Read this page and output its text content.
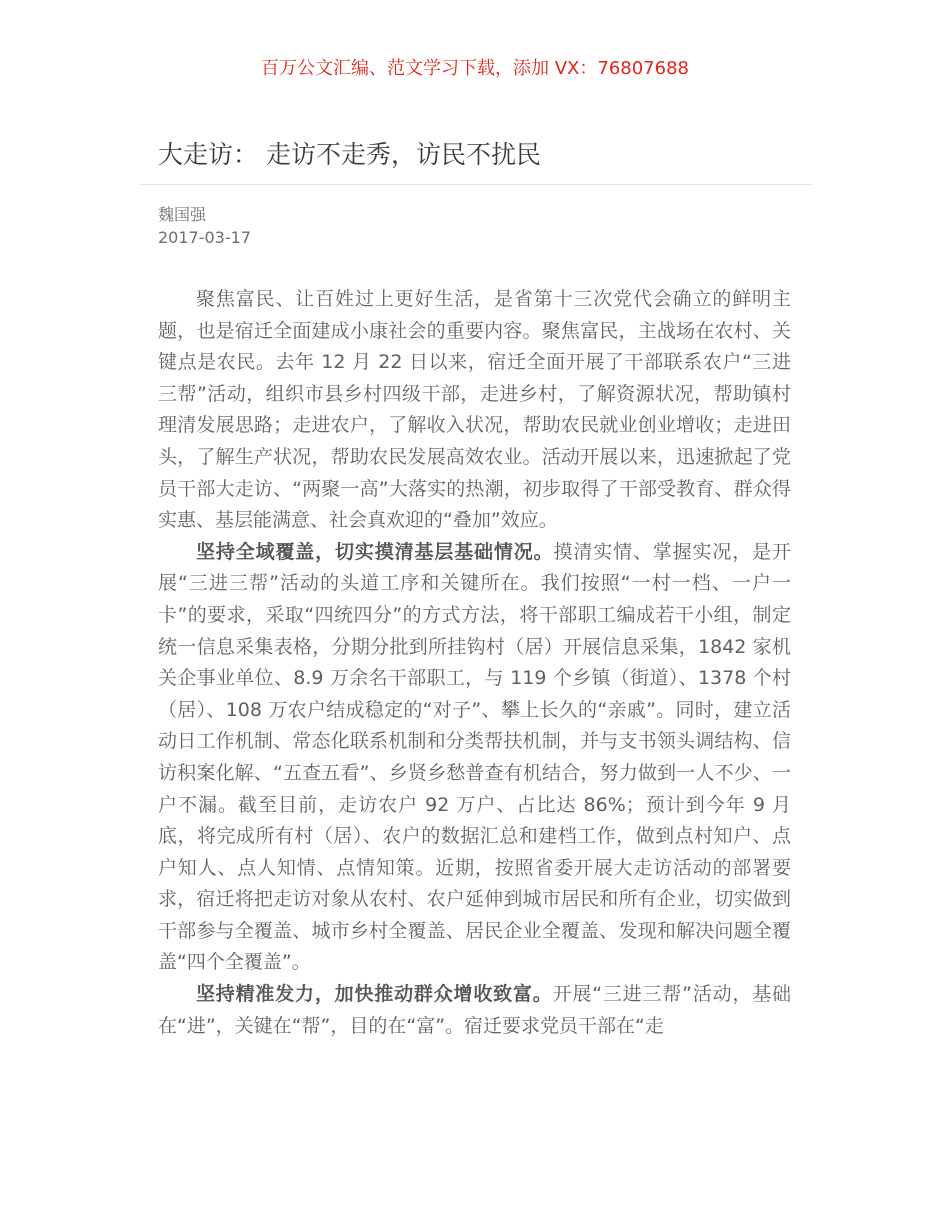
百万公文汇编、范文学习下载，添加 VX：76807688
大走访： 走访不走秀，访民不扰民
魏国强
2017-03-17

聚焦富民、让百姓过上更好生活，是省第十三次党代会确立的鲜明主题，也是宿迁全面建成小康社会的重要内容。聚焦富民，主战场在农村、关键点是农民。去年 12 月 22 日以来，宿迁全面开展了干部联系农户“三进三帮”活动，组织市县乡村四级干部，走进乡村，了解资源状况，帮助镇村理清发展思路；走进农户，了解收入状况，帮助农民就业创业增收；走进田头，了解生产状况，帮助农民发展高效农业。活动开展以来，迅速掀起了党员干部大走访、“两聚一高”大落实的热潮，初步取得了干部受教育、群众得实惠、基层能满意、社会真欢迎的“叠加”效应。

坚持全域覆盖，切实摸清基层基础情况。摸清实情、掌握实况，是开展“三进三帮”活动的头道工序和关键所在。我们按照“一村一档、一户一卡”的要求，采取“四统四分”的方式方法，将干部职工编成若干小组，制定统一信息采集表格，分期分批到所挂钩村（居）开展信息采集，1842 家机关企事业单位、8.9 万余名干部职工，与 119 个乡镇（街道）、1378 个村（居）、108 万农户结成稳定的“对子”、攀上长久的“亲戚”。同时，建立活动日工作机制、常态化联系机制和分类帮扶机制，并与支书领头调结构、信访积案化解、“五查五看”、乡贤乡愁普查有机结合，努力做到一人不少、一户不漏。截至目前，走访农户 92 万户、占比达 86%；预计到今年 9 月底，将完成所有村（居）、农户的数据汇总和建档工作，做到点村知户、点户知人、点人知情、点情知策。近期，按照省委开展大走访活动的部署要求，宿迁将把走访对象从农村、农户延伸到城市居民和所有企业，切实做到干部参与全覆盖、城市乡村全覆盖、居民企业全覆盖、发现和解决问题全覆盖“四个全覆盖”。

坚持精准发力，加快推动群众增收致富。开展“三进三帮”活动，基础在“进”，关键在“帮”，目的在“富”。宿迁要求党员干部在“走
